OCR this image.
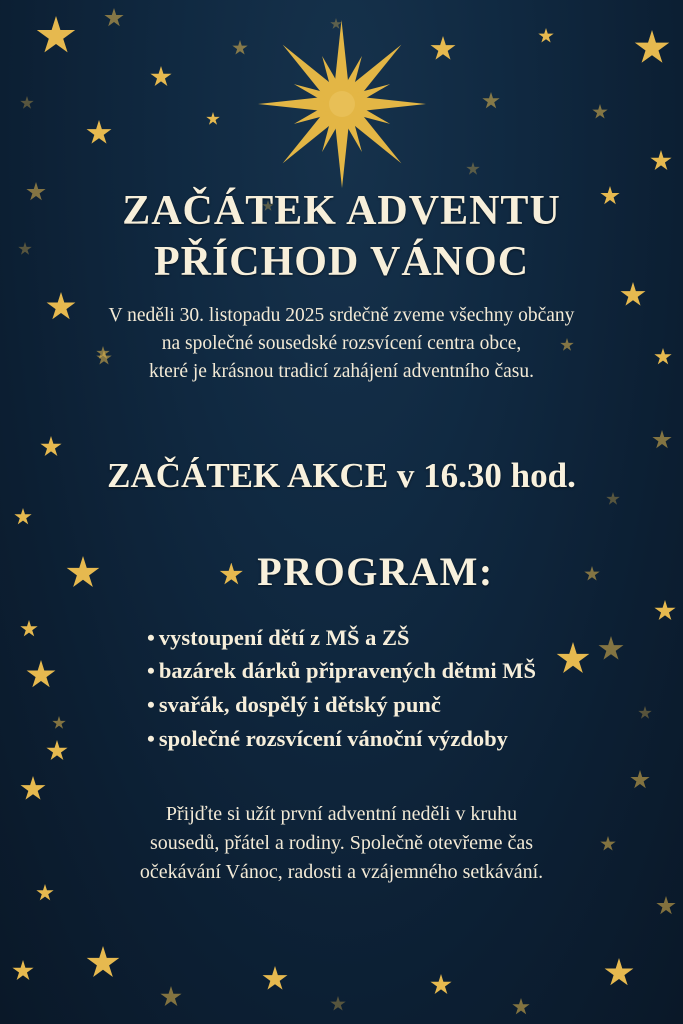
ZAČÁTEK ADVENTU
PŘÍCHOD VÁNOC
V neděli 30. listopadu 2025 srdečně zveme všechny občany
na společné sousedské rozsvícení centra obce,
které je krásnou tradicí zahájení adventního času.
ZAČÁTEK AKCE v 16.30 hod.
PROGRAM:
• vystoupení dětí z MŠ a ZŠ
• bazárek dárků připravených dětmi MŠ
• svařák, dospělý i dětský punč
• společné rozsvícení vánoční výzdoby
Přijďte si užít první adventní neděli v kruhu
sousedů, přátel a rodiny. Společně otevřeme čas
očekávání Vánoc, radosti a vzájemného setkávání.
